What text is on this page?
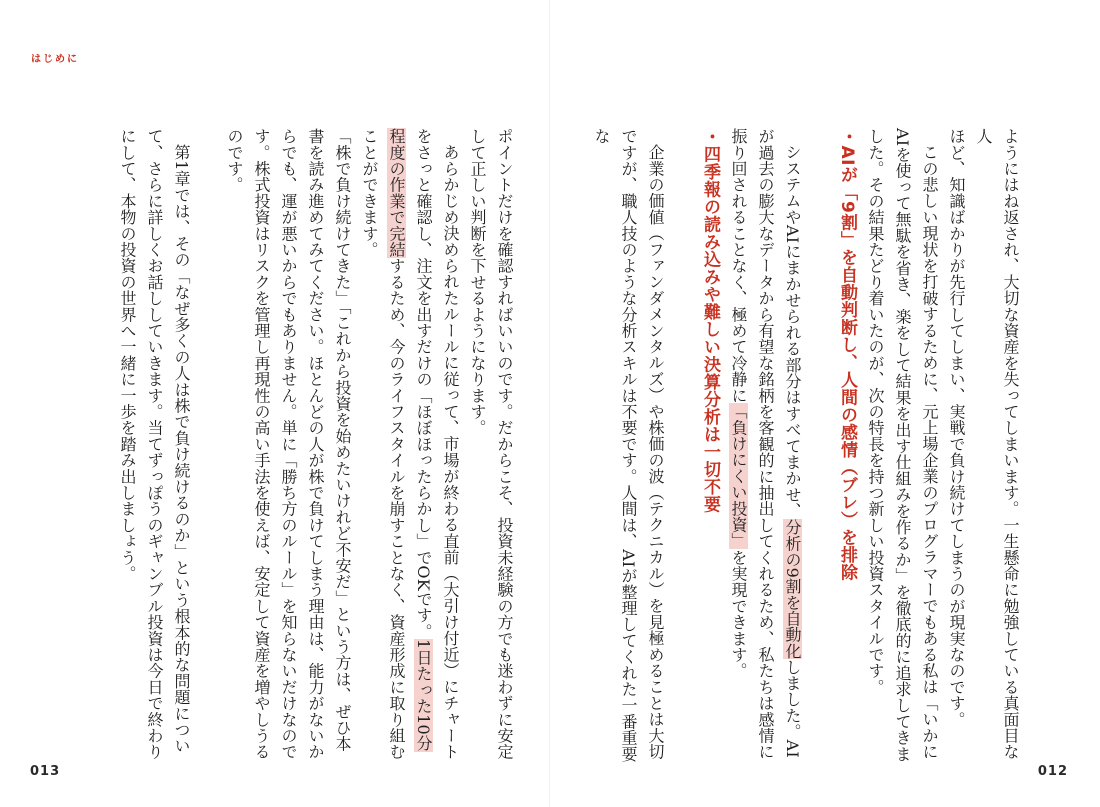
はじめに

ようにはね返され、大切な資産を失ってしまいます。一生懸命に勉強している真面目な人
ほど、知識ばかりが先行してしまい、実戦で負け続けてしまうのが現実なのです。

この悲しい現状を打破するために、元上場企業のプログラマーでもある私は「いかにAIを使って無駄を省き、楽をして結果を出す仕組みを作るか」を徹底的に追求してきました。その結果たどり着いたのが、次の特長を持つ新しい投資スタイルです。

・AIが「9割」を自動判断し、人間の感情（ブレ）を排除

システムやAIにまかせられる部分はすべてまかせ、分析の9割を自動化しました。AIが過去の膨大なデータから有望な銘柄を客観的に抽出してくれるため、私たちは感情に振り回されることなく、極めて冷静に「負けにくい投資」を実現できます。

・四季報の読み込みや難しい決算分析は一切不要

企業の価値（ファンダメンタルズ）や株価の波（テクニカル）を見極めることは大切ですが、職人技のような分析スキルは不要です。人間は、AIが整理してくれた一番重要な

ポイントだけを確認すればいいのです。だからこそ、投資未経験の方でも迷わずに安定して正しい判断を下せるようになります。

あらかじめ決められたルールに従って、市場が終わる直前（大引け付近）にチャートをさっと確認し、注文を出すだけの「ほぼほったらかし」でOKです。1日たった10分程度の作業で完結するため、今のライフスタイルを崩すことなく、資産形成に取り組むことができます。

「株で負け続けてきた」「これから投資を始めたいけれど不安だ」という方は、ぜひ本書を読み進めてみてください。ほとんどの人が株で負けてしまう理由は、能力がないからでも、運が悪いからでもありません。単に「勝ち方のルール」を知らないだけなのです。株式投資はリスクを管理し再現性の高い手法を使えば、安定して資産を増やしうるのです。

第1章では、その「なぜ多くの人は株で負け続けるのか」という根本的な問題について、さらに詳しくお話ししていきます。当てずっぽうのギャンブル投資は今日で終わりにして、本物の投資の世界へ一緒に一歩を踏み出しましょう。

013	012
